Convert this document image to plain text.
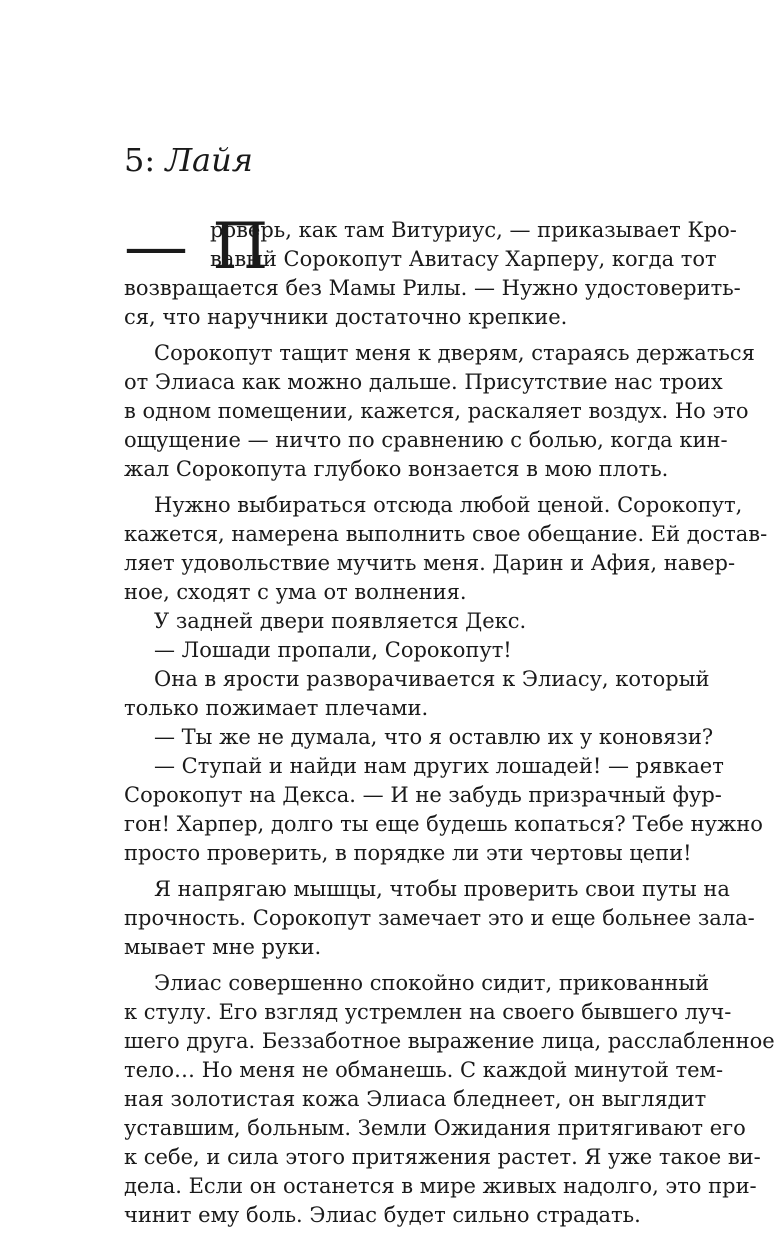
5: Лайя
— П
роверь, как там Витуриус, — приказывает Кро-
вавый Сорокопут Авитасу Харперу, когда тот
возвращается без Мамы Рилы. — Нужно удостоверить-
ся, что наручники достаточно крепкие.
Сорокопут тащит меня к дверям, стараясь держаться
от Элиаса как можно дальше. Присутствие нас троих
в одном помещении, кажется, раскаляет воздух. Но это
ощущение — ничто по сравнению с болью, когда кин-
жал Сорокопута глубоко вонзается в мою плоть.
Нужно выбираться отсюда любой ценой. Сорокопут,
кажется, намерена выполнить свое обещание. Ей достав-
ляет удовольствие мучить меня. Дарин и Афия, навер-
ное, сходят с ума от волнения.
У задней двери появляется Декс.
— Лошади пропали, Сорокопут!
Она в ярости разворачивается к Элиасу, который
только пожимает плечами.
— Ты же не думала, что я оставлю их у коновязи?
— Ступай и найди нам других лошадей! — рявкает
Сорокопут на Декса. — И не забудь призрачный фур-
гон! Харпер, долго ты еще будешь копаться? Тебе нужно
просто проверить, в порядке ли эти чертовы цепи!
Я напрягаю мышцы, чтобы проверить свои путы на
прочность. Сорокопут замечает это и еще больнее зала-
мывает мне руки.
Элиас совершенно спокойно сидит, прикованный
к стулу. Его взгляд устремлен на своего бывшего луч-
шего друга. Беззаботное выражение лица, расслабленное
тело… Но меня не обманешь. С каждой минутой тем-
ная золотистая кожа Элиаса бледнеет, он выглядит
уставшим, больным. Земли Ожидания притягивают его
к себе, и сила этого притяжения растет. Я уже такое ви-
дела. Если он останется в мире живых надолго, это при-
чинит ему боль. Элиас будет сильно страдать.
